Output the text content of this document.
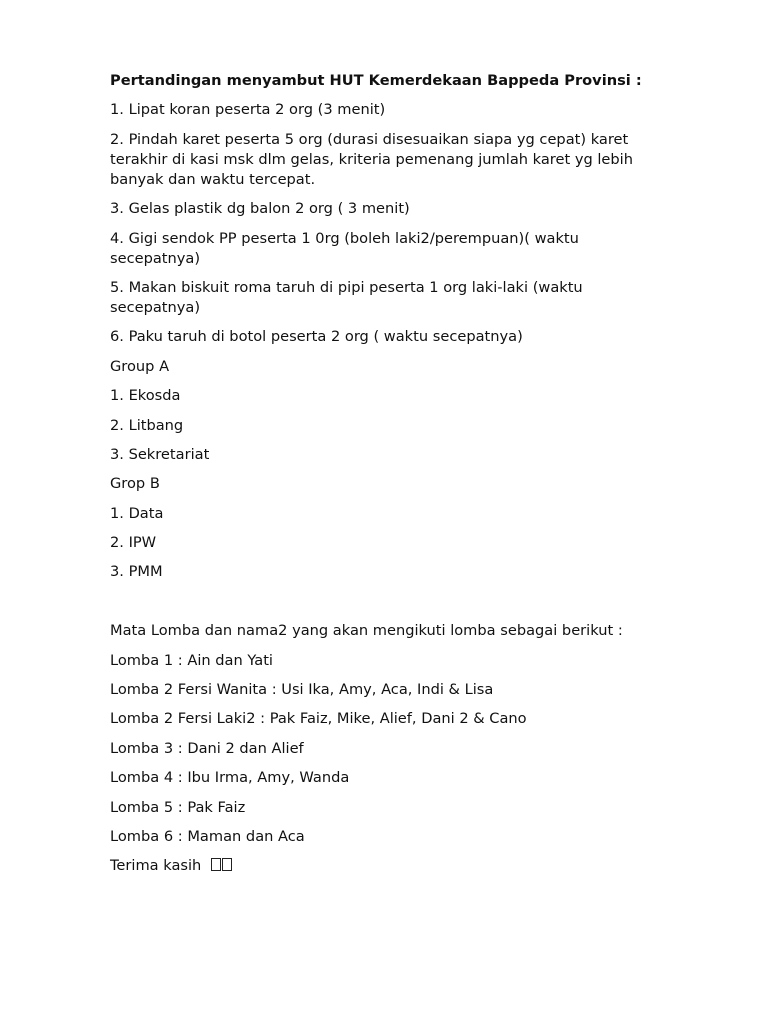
Pertandingan menyambut HUT Kemerdekaan Bappeda Provinsi :
1. Lipat koran peserta 2 org (3 menit)
2. Pindah karet peserta 5 org (durasi disesuaikan siapa yg cepat) karet terakhir di kasi msk dlm gelas, kriteria pemenang jumlah karet yg lebih banyak dan waktu tercepat.
3. Gelas plastik dg balon 2 org ( 3 menit)
4. Gigi sendok PP peserta 1 0rg (boleh laki2/perempuan)( waktu secepatnya)
5. Makan biskuit roma taruh di pipi peserta 1 org laki-laki (waktu secepatnya)
6. Paku taruh di botol peserta 2 org ( waktu secepatnya)
Group A
1. Ekosda
2. Litbang
3. Sekretariat
Grop B
1. Data
2. IPW
3. PMM
Mata Lomba dan nama2 yang akan mengikuti lomba sebagai berikut :
Lomba 1 : Ain dan Yati
Lomba 2 Fersi Wanita : Usi Ika, Amy, Aca, Indi & Lisa
Lomba 2 Fersi Laki2 : Pak Faiz, Mike, Alief, Dani 2 & Cano
Lomba 3 : Dani 2 dan Alief
Lomba 4 : Ibu Irma, Amy, Wanda
Lomba 5 : Pak Faiz
Lomba 6 : Maman dan Aca
Terima kasih
